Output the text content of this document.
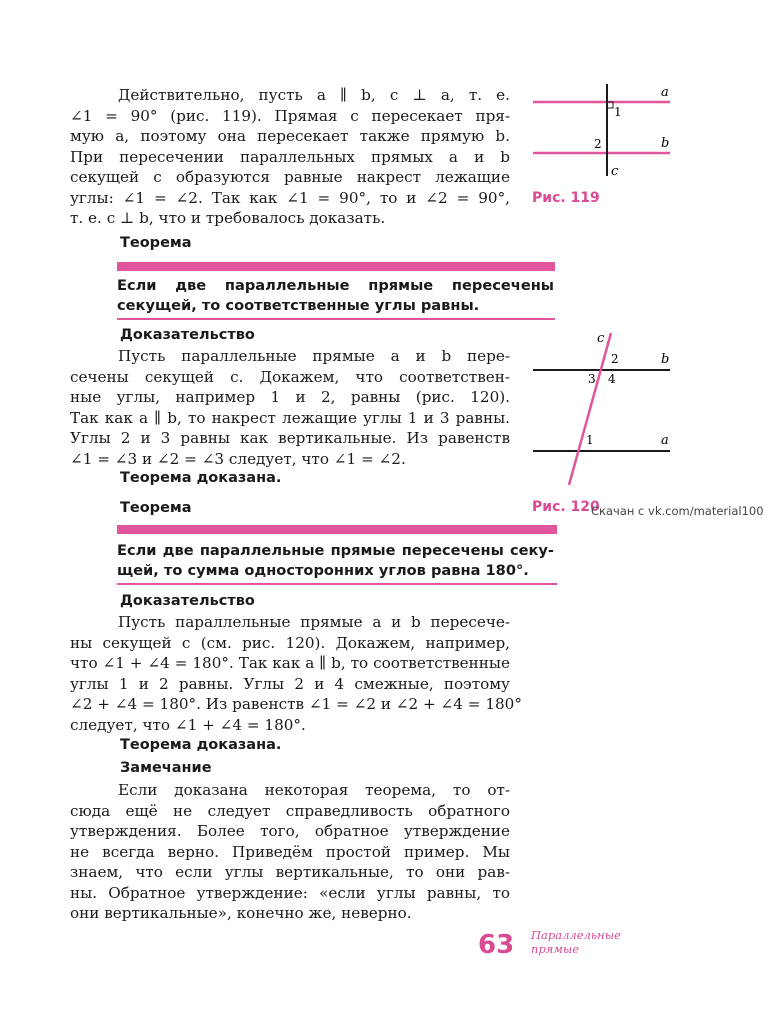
Действительно, пусть a ∥ b, c ⊥ a, т. е.
∠1 = 90° (рис. 119). Прямая c пересекает пря-
мую a, поэтому она пересекает также прямую b.
При пересечении параллельных прямых a и b
секущей c образуются равные накрест лежащие
углы: ∠1 = ∠2. Так как ∠1 = 90°, то и ∠2 = 90°,
т. е. c ⊥ b, что и требовалось доказать.
a
b
c
1
2
Рис. 119
Теорема
Если две параллельные прямые пересечены
секущей, то соответственные углы равны.
Доказательство
Пусть параллельные прямые a и b пере-
сечены секущей c. Докажем, что соответствен-
ные углы, например 1 и 2, равны (рис. 120).
Так как a ∥ b, то накрест лежащие углы 1 и 3 равны.
Углы 2 и 3 равны как вертикальные. Из равенств
∠1 = ∠3 и ∠2 = ∠3 следует, что ∠1 = ∠2.
Теорема доказана.
c
b
a
2
3 4
1
Рис. 120
Скачан с vk.com/material100
Теорема
Если две параллельные прямые пересечены секу-
щей, то сумма односторонних углов равна 180°.
Доказательство
Пусть параллельные прямые a и b пересече-
ны секущей c (см. рис. 120). Докажем, например,
что ∠1 + ∠4 = 180°. Так как a ∥ b, то соответственные
углы 1 и 2 равны. Углы 2 и 4 смежные, поэтому
∠2 + ∠4 = 180°. Из равенств ∠1 = ∠2 и ∠2 + ∠4 = 180°
следует, что ∠1 + ∠4 = 180°.
Теорема доказана.
Замечание
Если доказана некоторая теорема, то от-
сюда ещё не следует справедливость обратного
утверждения. Более того, обратное утверждение
не всегда верно. Приведём простой пример. Мы
знаем, что если углы вертикальные, то они рав-
ны. Обратное утверждение: «если углы равны, то
они вертикальные», конечно же, неверно.
63 Параллельные
прямые
